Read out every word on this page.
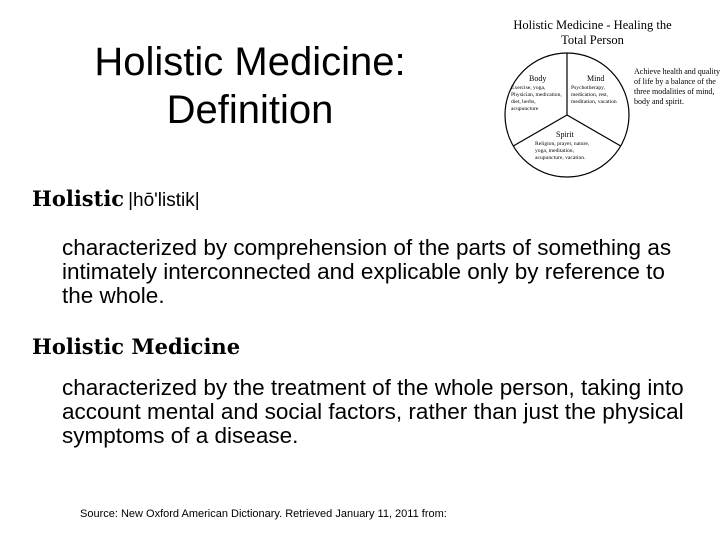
Holistic Medicine:
Definition
Holistic Medicine - Healing the
Total Person
Body
Exercise, yoga, Physician, medication, diet, herbs, acupuncture
Mind
Psychotherapy, medication, rest, meditation, vacation
Spirit
Religion, prayer, nature, yoga, meditation, acupuncture, vacation.
Achieve health and quality of life by a balance of the three modalities of mind, body and spirit.
Holistic |hō'listik|
characterized by comprehension of the parts of something as intimately interconnected and explicable only by reference to the whole.
Holistic Medicine
characterized by the treatment of the whole person, taking into account mental and social factors, rather than just the physical symptoms of a disease.
Source: New Oxford American Dictionary. Retrieved January 11, 2011 from:
